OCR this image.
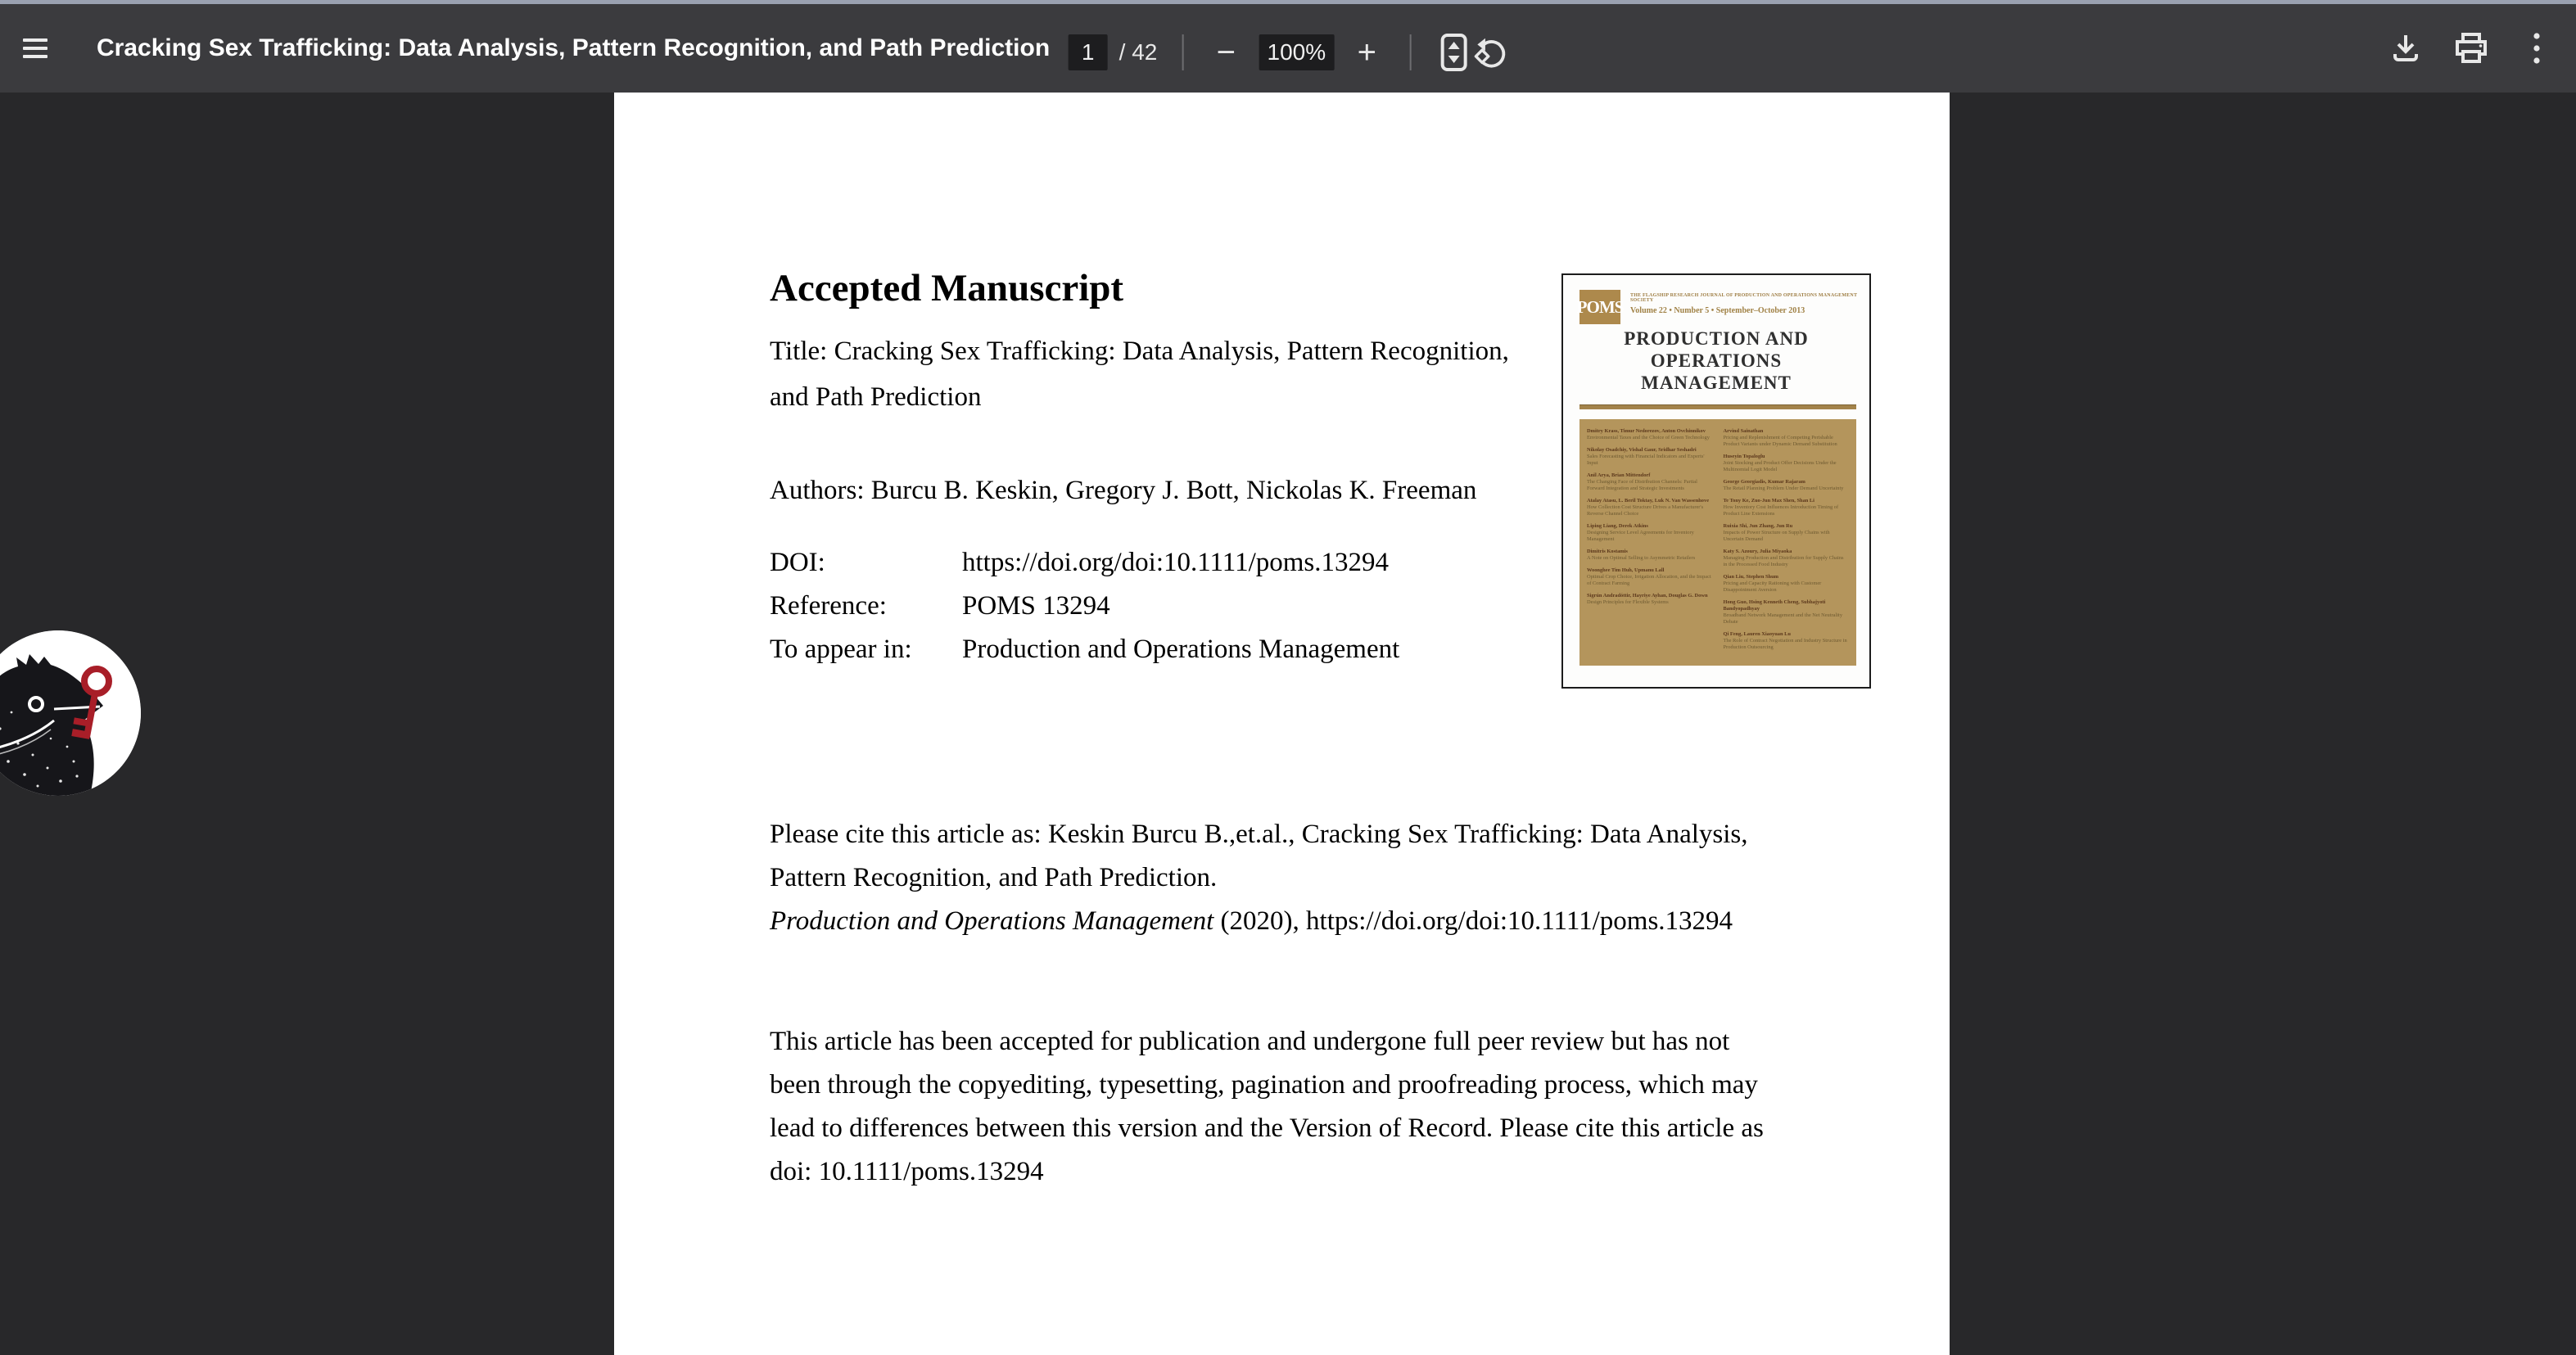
Cracking Sex Trafficking: Data Analysis, Pattern Recognition, and Path Prediction
1	/ 42 −	100% +
Accepted Manuscript
Title: Cracking Sex Trafficking: Data Analysis, Pattern Recognition,
and Path Prediction
Authors: Burcu B. Keskin, Gregory J. Bott, Nickolas K. Freeman
DOI:	https://doi.org/doi:10.1111/poms.13294
Reference:	POMS 13294
To appear in:	Production and Operations Management
Please cite this article as: Keskin Burcu B.,et.al., Cracking Sex Trafficking: Data Analysis,
Pattern Recognition, and Path Prediction.
Production and Operations Management (2020), https://doi.org/doi:10.1111/poms.13294
This article has been accepted for publication and undergone full peer review but has not
been through the copyediting, typesetting, pagination and proofreading process, which may
lead to differences between this version and the Version of Record. Please cite this article as
doi: 10.1111/poms.13294
POMS
THE FLAGSHIP RESEARCH JOURNAL OF PRODUCTION AND OPERATIONS MANAGEMENT SOCIETY
Volume 22 • Number 5 • September–October 2013
PRODUCTION AND
OPERATIONS
MANAGEMENT
Dmitry Krass, Timur Nedorezov, Anton Ovchinnikov
Environmental Taxes and the Choice of Green Technology
Nikolay Osadchiy, Vishal Gaur, Sridhar Seshadri
Sales Forecasting with Financial Indicators and Experts' Input
Anil Arya, Brian Mittendorf
The Changing Face of Distribution Channels: Partial Forward Integration and Strategic Investments
Atalay Atasu, L. Beril Toktay, Luk N. Van Wassenhove
How Collection Cost Structure Drives a Manufacturer's Reverse Channel Choice
Liping Liang, Derek Atkins
Designing Service Level Agreements for Inventory Management
Dimitris Kostamis
A Note on Optimal Selling to Asymmetric Retailers
Woonghee Tim Huh, Upmanu Lall
Optimal Crop Choice, Irrigation Allocation, and the Impact of Contract Farming
Sigrún Andradóttir, Hayriye Ayhan, Douglas G. Down
Design Principles for Flexible Systems
Arvind Sainathan
Pricing and Replenishment of Competing Perishable Product Variants under Dynamic Demand Substitution
Huseyin Topaloglu
Joint Stocking and Product Offer Decisions Under the Multinomial Logit Model
George Georgiadis, Kumar Rajaram
The Retail Planning Problem Under Demand Uncertainty
Te Tony Ke, Zuo-Jun Max Shen, Shan Li
How Inventory Cost Influences Introduction Timing of Product Line Extensions
Ruixia Shi, Jun Zhang, Jun Ru
Impacts of Power Structure on Supply Chains with Uncertain Demand
Katy S. Azoury, Julia Miyaoka
Managing Production and Distribution for Supply Chains in the Processed Food Industry
Qian Liu, Stephen Shum
Pricing and Capacity Rationing with Customer Disappointment Aversion
Hong Guo, Hsing Kenneth Cheng, Subhajyoti Bandyopadhyay
Broadband Network Management and the Net Neutrality Debate
Qi Feng, Lauren Xiaoyuan Lu
The Role of Contract Negotiation and Industry Structure in Production Outsourcing
